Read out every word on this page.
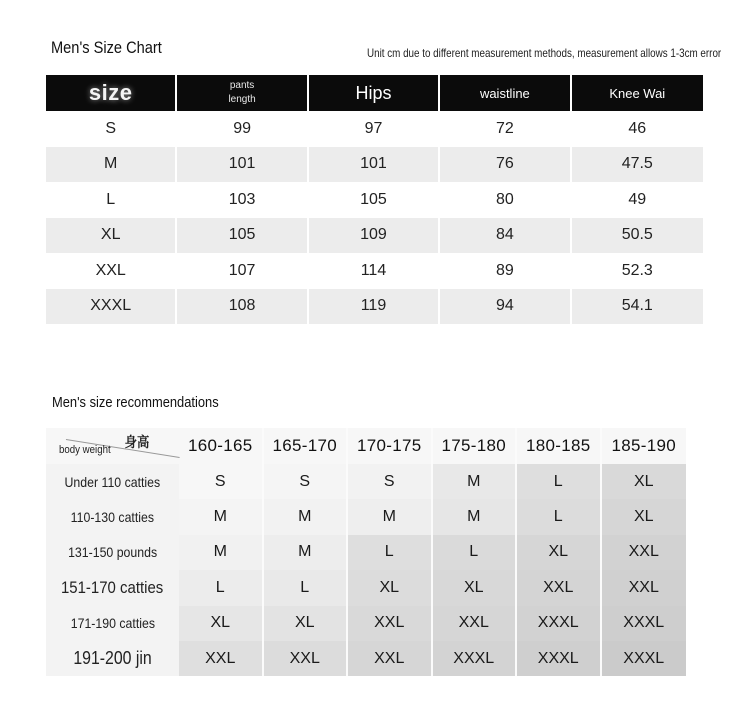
Men's Size Chart	Unit cm due to different measurement methods, measurement allows 1-3cm error
size	pants length	Hips	waistline	Knee Wai
S	99	97	72	46
M	101	101	76	47.5
L	103	105	80	49
XL	105	109	84	50.5
XXL	107	114	89	52.3
XXXL	108	119	94	54.1
Men's size recommendations
身高
body weight	160-165	165-170	170-175	175-180	180-185	185-190
Under 110 catties	S	S	S	M	L	XL
110-130 catties	M	M	M	M	L	XL
131-150 pounds	M	M	L	L	XL	XXL
151-170 catties	L	L	XL	XL	XXL	XXL
171-190 catties	XL	XL	XXL	XXL	XXXL	XXXL
191-200 jin	XXL	XXL	XXL	XXXL	XXXL	XXXL
